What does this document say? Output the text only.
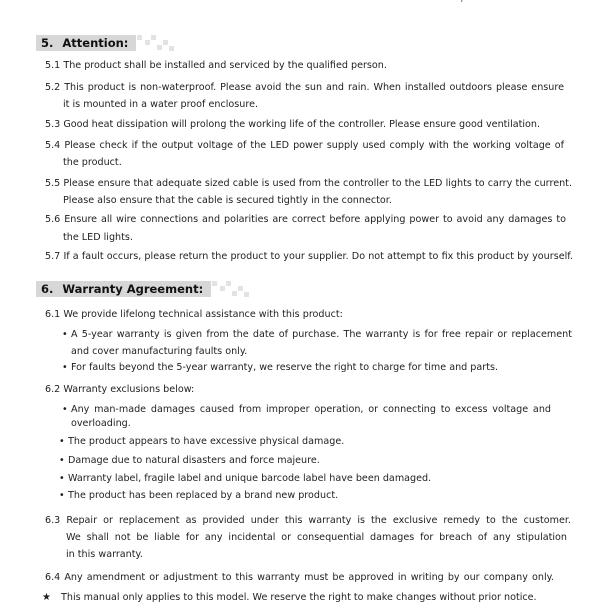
5. Attention:
5.1 The product shall be installed and serviced by the qualified person.
5.2 This product is non-waterproof. Please avoid the sun and rain. When installed outdoors please ensure
it is mounted in a water proof enclosure.
5.3 Good heat dissipation will prolong the working life of the controller. Please ensure good ventilation.
5.4 Please check if the output voltage of the LED power supply used comply with the working voltage of
the product.
5.5 Please ensure that adequate sized cable is used from the controller to the LED lights to carry the current.
Please also ensure that the cable is secured tightly in the connector.
5.6 Ensure all wire connections and polarities are correct before applying power to avoid any damages to
the LED lights.
5.7 If a fault occurs, please return the product to your supplier. Do not attempt to fix this product by yourself.
6. Warranty Agreement:
6.1 We provide lifelong technical assistance with this product:
• A 5-year warranty is given from the date of purchase. The warranty is for free repair or replacement
and cover manufacturing faults only.
• For faults beyond the 5-year warranty, we reserve the right to charge for time and parts.
6.2 Warranty exclusions below:
• Any man-made damages caused from improper operation, or connecting to excess voltage and
overloading.
• The product appears to have excessive physical damage.
• Damage due to natural disasters and force majeure.
• Warranty label, fragile label and unique barcode label have been damaged.
• The product has been replaced by a brand new product.
6.3 Repair or replacement as provided under this warranty is the exclusive remedy to the customer.
We shall not be liable for any incidental or consequential damages for breach of any stipulation
in this warranty.
6.4 Any amendment or adjustment to this warranty must be approved in writing by our company only.
★ This manual only applies to this model. We reserve the right to make changes without prior notice.
